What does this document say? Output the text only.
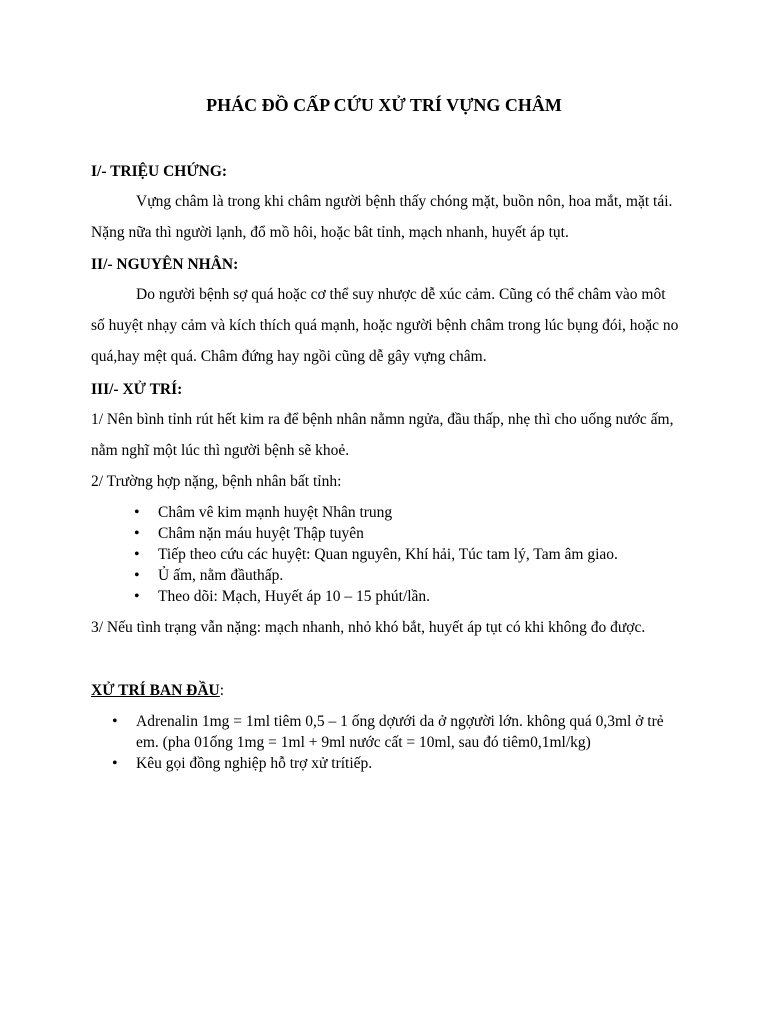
PHÁC ĐỒ CẤP CỨU XỬ TRÍ VỰNG CHÂM
I/- TRIỆU CHỨNG:

Vựng châm là trong khi châm người bệnh thấy chóng mặt, buồn nôn, hoa mắt, mặt tái. Nặng nữa thì người lạnh, đổ mồ hôi, hoặc bât tỉnh, mạch nhanh, huyết áp tụt.

II/- NGUYÊN NHÂN:

Do người bệnh sợ quá hoặc cơ thể suy nhược dễ xúc cảm. Cũng có thể châm vào môt số huyệt nhạy cảm và kích thích quá mạnh, hoặc người bệnh châm trong lúc bụng đói, hoặc no quá,hay mệt quá. Châm đứng hay ngồi cũng dễ gây vựng châm.

III/- XỬ TRÍ:

1/ Nên bình tỉnh rút hết kim ra để bệnh nhân nằmn ngửa, đầu thấp, nhẹ thì cho uống nước ấm, nằm nghĩ một lúc thì người bệnh sẽ khoẻ.

2/ Trường hợp nặng, bệnh nhân bất tỉnh:
• Châm vê kim mạnh huyệt Nhân trung
• Châm nặn máu huyệt Thập tuyên
• Tiếp theo cứu các huyệt: Quan nguyên, Khí hải, Túc tam lý, Tam âm giao.
• Ủ ấm, nằm đầuthấp.
• Theo dõi: Mạch, Huyết áp 10 – 15 phút/lần.

3/ Nếu tình trạng vẫn nặng: mạch nhanh, nhỏ khó bắt, huyết áp tụt có khi không đo được.

XỬ TRÍ BAN ĐẦU:
• Adrenalin 1mg = 1ml tiêm 0,5 – 1 ống dợưới da ở ngợười lớn. không quá 0,3ml ở trẻ em. (pha 01ống 1mg = 1ml + 9ml nước cất = 10ml, sau đó tiêm0,1ml/kg)
• Kêu gọi đồng nghiệp hỗ trợ xử trítiếp.
